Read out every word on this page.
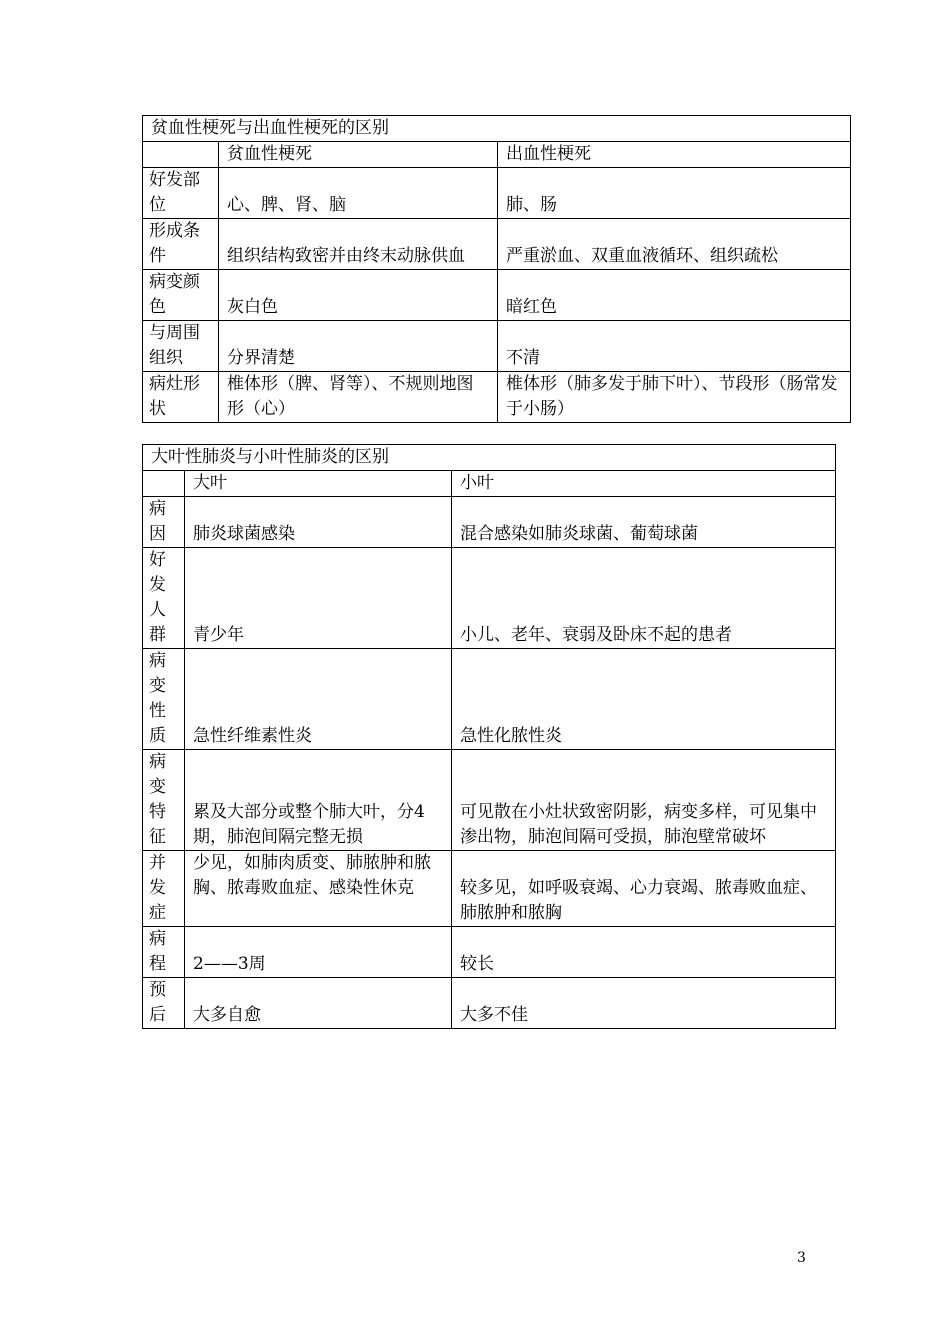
贫血性梗死与出血性梗死的区别		
	贫血性梗死	出血性梗死
好发部位	心、脾、肾、脑	肺、肠
形成条件	组织结构致密并由终末动脉供血	严重淤血、双重血液循环、组织疏松
病变颜色	灰白色	暗红色
与周围组织	分界清楚	不清
病灶形状	椎体形（脾、肾等）、不规则地图形（心）	椎体形（肺多发于肺下叶）、节段形（肠常发于小肠）
大叶性肺炎与小叶性肺炎的区别		
	大叶	小叶
病因	肺炎球菌感染	混合感染如肺炎球菌、葡萄球菌
好发人群	青少年	小儿、老年、衰弱及卧床不起的患者
病变性质	急性纤维素性炎	急性化脓性炎
病变特征	累及大部分或整个肺大叶，分4期，肺泡间隔完整无损	可见散在小灶状致密阴影，病变多样，可见集中渗出物，肺泡间隔可受损，肺泡壁常破坏
并发症	少见，如肺肉质变、肺脓肿和脓胸、脓毒败血症、感染性休克	较多见，如呼吸衰竭、心力衰竭、脓毒败血症、肺脓肿和脓胸
病程	2——3周	较长
预后	大多自愈	大多不佳
3
